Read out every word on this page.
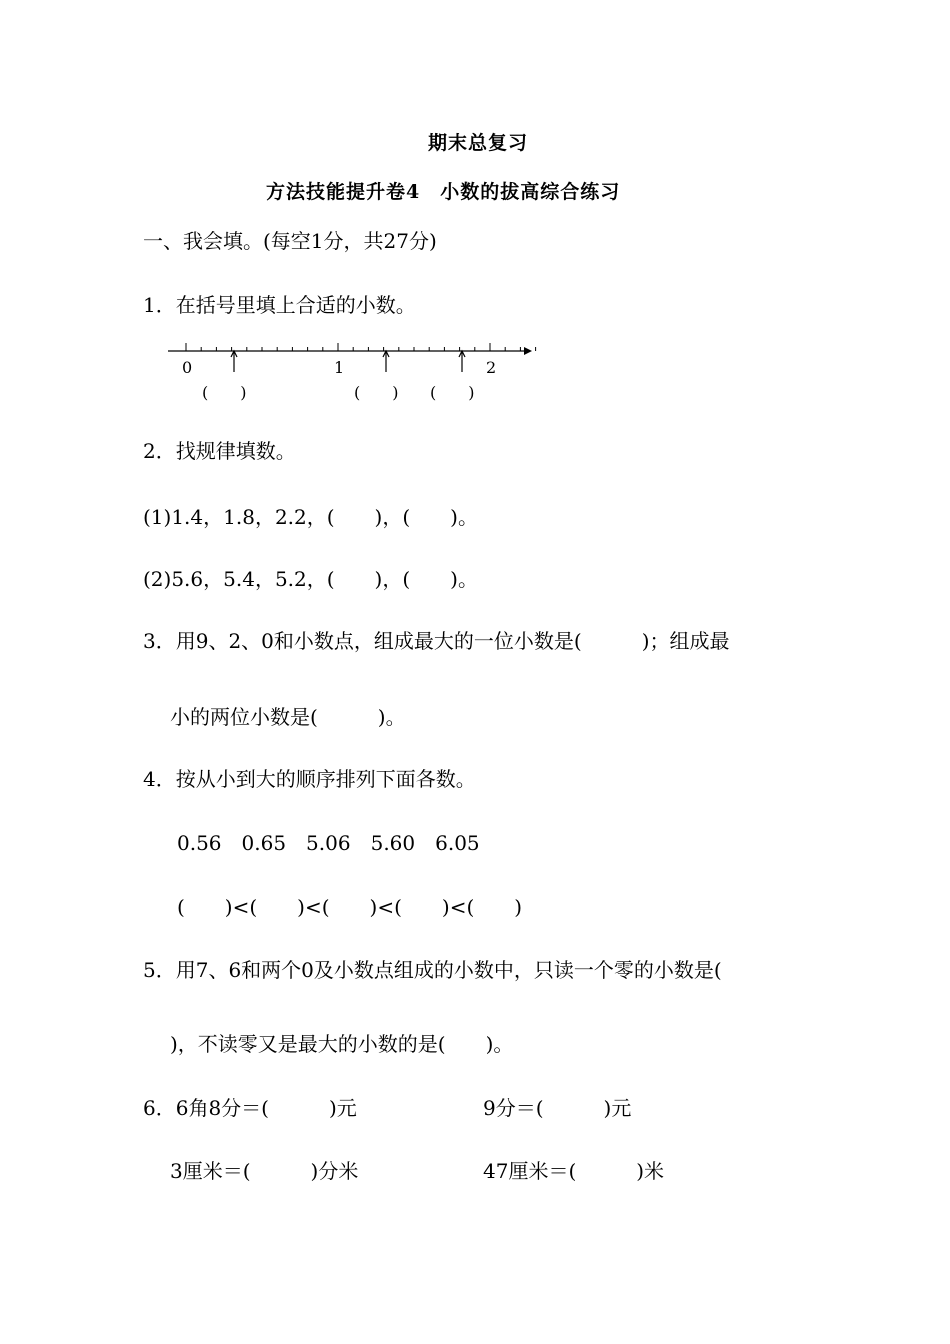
期末总复习
方法技能提升卷4　小数的拔高综合练习
一、我会填。(每空1分，共27分)
1．在括号里填上合适的小数。
0	1	2
(　　)	(　　) (　　)
2．找规律填数。
(1)1.4，1.8，2.2，(　　)，(　　)。
(2)5.6，5.4，5.2，(　　)，(　　)。
3．用9、2、0和小数点，组成最大的一位小数是(　　　)；组成最
小的两位小数是(　　　)。
4．按从小到大的顺序排列下面各数。
0.56　0.65　5.06　5.60　6.05
(　　)<(　　)<(　　)<(　　)<(　　)
5．用7、6和两个0及小数点组成的小数中，只读一个零的小数是(
)，不读零又是最大的小数的是(　　)。
6．6角8分＝(　　　)元	9分＝(　　　)元
3厘米＝(　　　)分米	47厘米＝(　　　)米
